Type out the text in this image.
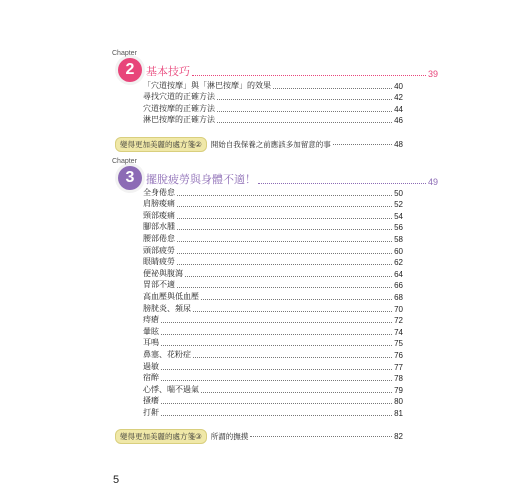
Chapter
2	基本技巧	39
「穴道按摩」與「淋巴按摩」的效果	40
尋找穴道的正確方法	42
穴道按摩的正確方法	44
淋巴按摩的正確方法	46
變得更加美麗的處方箋②	開始自我保養之前應該多加留意的事	48
Chapter
3	擺脫疲勞與身體不適！	49
全身倦怠	50
肩膀痠痛	52
頸部痠痛	54
腳部水腫	56
腰部倦怠	58
頭部疲勞	60
眼睛疲勞	62
便祕與腹瀉	64
胃部不適	66
高血壓與低血壓	68
膀胱炎、頻尿	70
痔瘡	72
暈眩	74
耳鳴	75
鼻塞、花粉症	76
過敏	77
宿醉	78
心悸、喘不過氣	79
搔癢	80
打鼾	81
變得更加美麗的處方箋③	所謂的撫摸	82
5
